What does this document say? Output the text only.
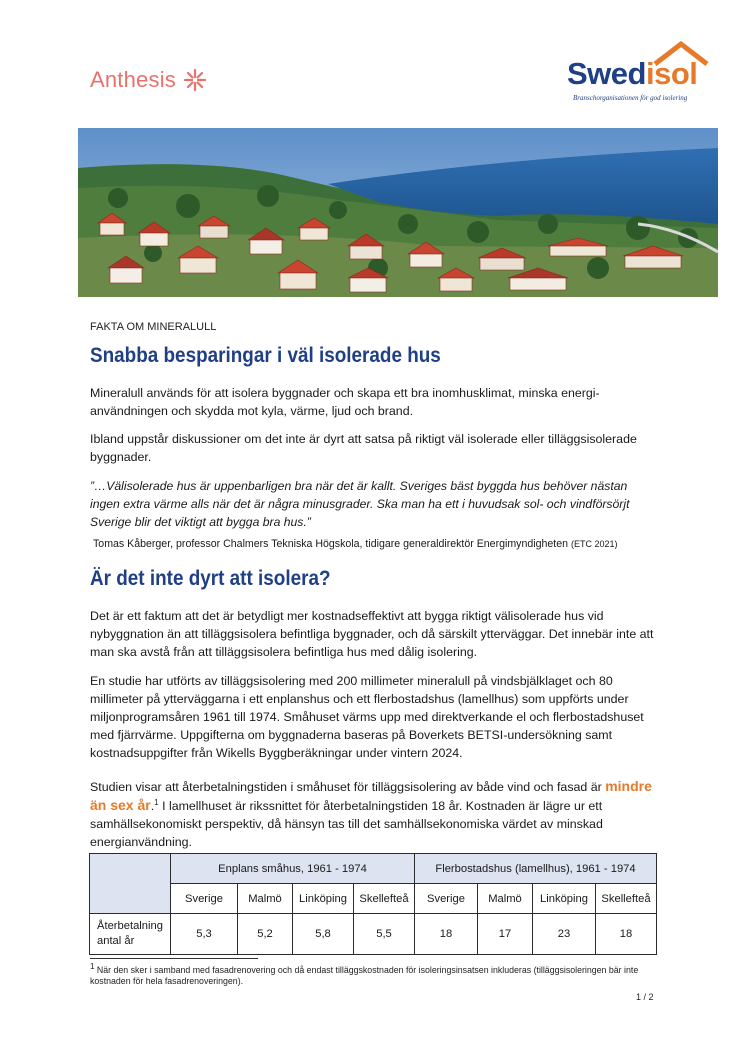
Anthesis	Swedisol
Branschorganisationen för god isolering
FAKTA OM MINERALULL
Snabba besparingar i väl isolerade hus

Mineralull används för att isolera byggnader och skapa ett bra inomhusklimat, minska energi-användningen och skydda mot kyla, värme, ljud och brand.

Ibland uppstår diskussioner om det inte är dyrt att satsa på riktigt väl isolerade eller tilläggsisolerade byggnader.

”…Välisolerade hus är uppenbarligen bra när det är kallt. Sveriges bäst byggda hus behöver nästan ingen extra värme alls när det är några minusgrader. Ska man ha ett i huvudsak sol- och vindförsörjt Sverige blir det viktigt att bygga bra hus.”

Tomas Kåberger, professor Chalmers Tekniska Högskola, tidigare generaldirektör Energimyndigheten (ETC 2021)
Är det inte dyrt att isolera?

Det är ett faktum att det är betydligt mer kostnadseffektivt att bygga riktigt välisolerade hus vid nybyggnation än att tilläggsisolera befintliga byggnader, och då särskilt ytterväggar. Det innebär inte att man ska avstå från att tilläggsisolera befintliga hus med dålig isolering.

En studie har utförts av tilläggsisolering med 200 millimeter mineralull på vindsbjälklaget och 80 millimeter på ytterväggarna i ett enplanshus och ett flerbostadshus (lamellhus) som uppförts under miljonprogramsåren 1961 till 1974. Småhuset värms upp med direktverkande el och flerbostadshuset med fjärrvärme. Uppgifterna om byggnaderna baseras på Boverkets BETSI-undersökning samt kostnadsuppgifter från Wikells Byggberäkningar under vintern 2024.

Studien visar att återbetalningstiden i småhuset för tilläggsisolering av både vind och fasad är mindre än sex år.$^1$ I lamellhuset är rikssnittet för återbetalningstiden 18 år. Kostnaden är lägre ur ett samhällsekonomiskt perspektiv, då hänsyn tas till det samhällsekonomiska värdet av minskad energianvändning.

	Enplans småhus, 1961 - 1974				Flerbostadshus (lamellhus), 1961 - 1974			
	Sverige	Malmö	Linköping	Skellefteå	Sverige	Malmö	Linköping	Skellefteå
Återbetalning
antal år	5,3	5,2	5,8	5,5	18	17	23	18
1 När den sker i samband med fasadrenovering och då endast tilläggskostnaden för isoleringsinsatsen inkluderas (tilläggsisoleringen bär inte kostnaden för hela fasadrenoveringen).
1 / 2
